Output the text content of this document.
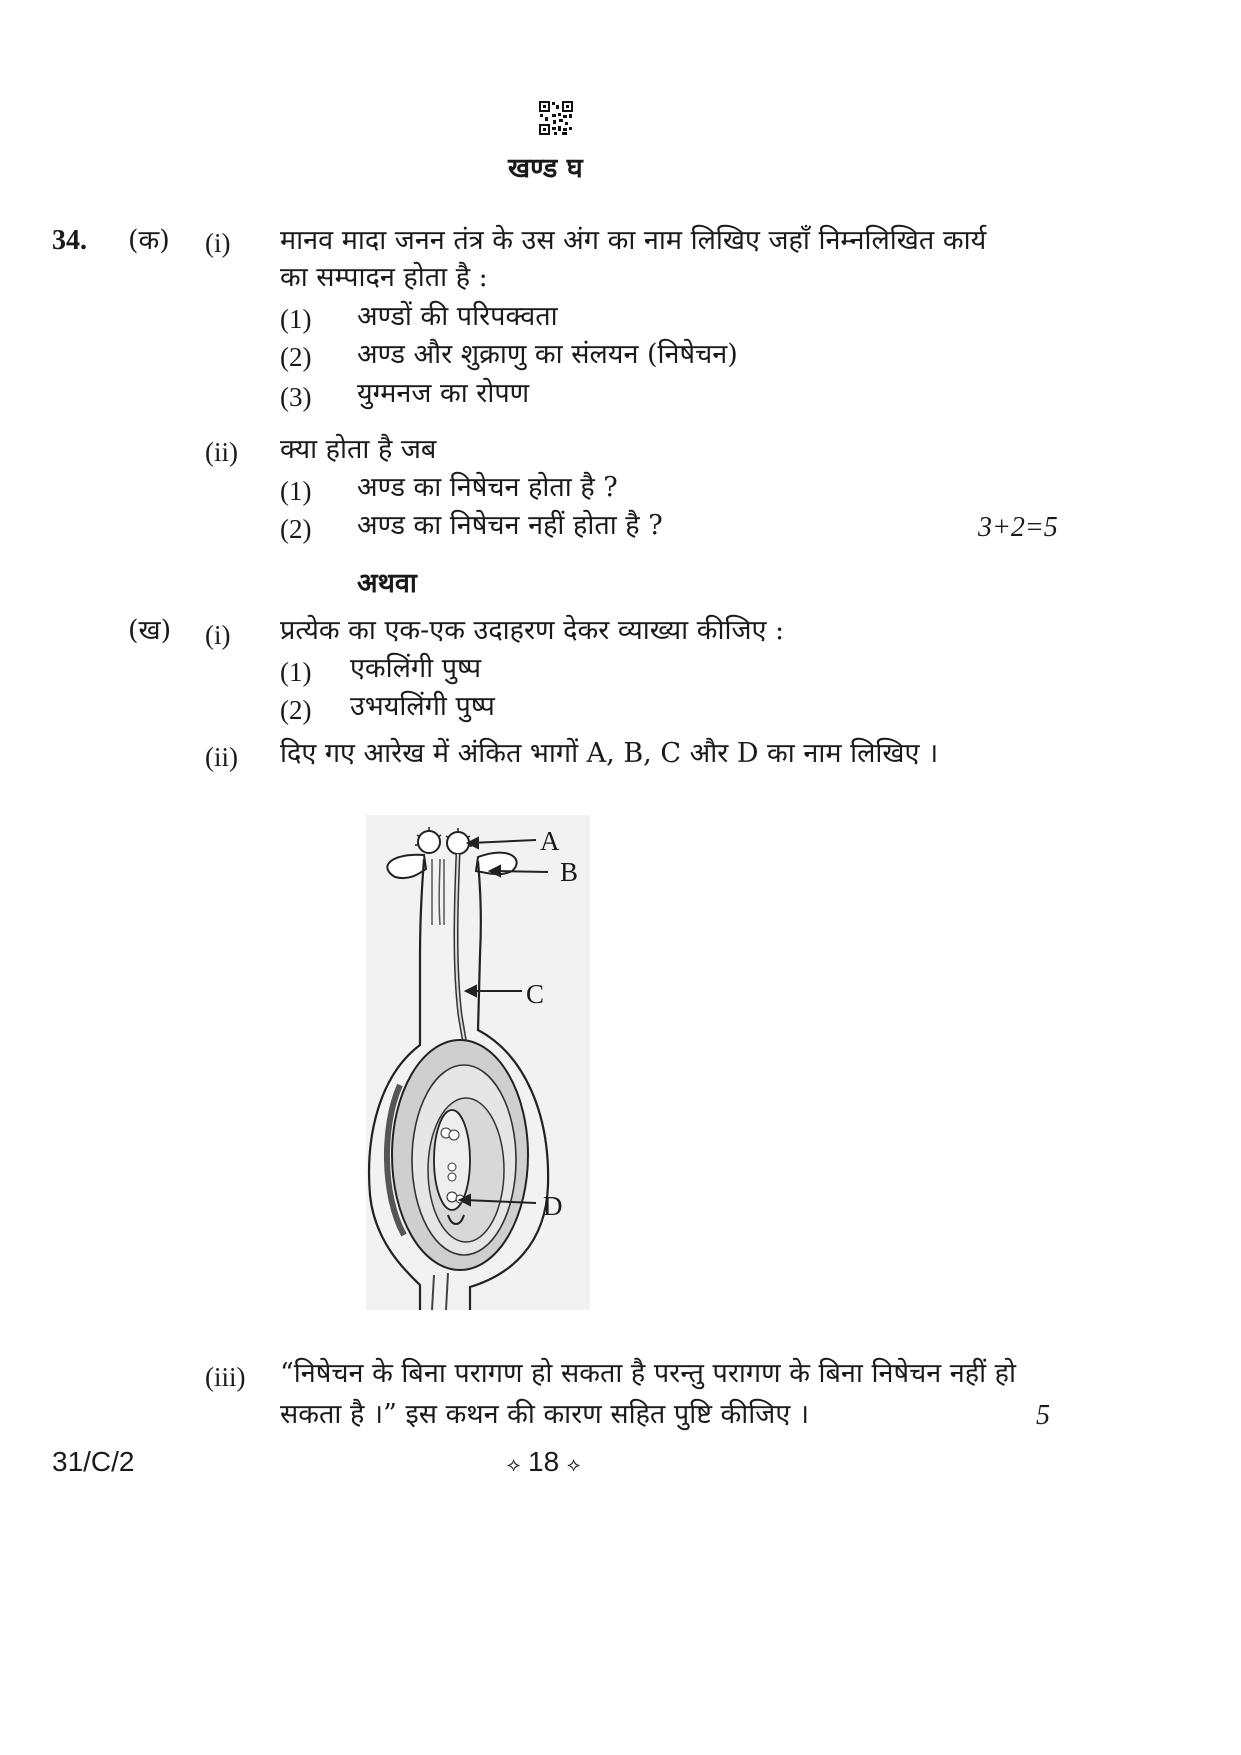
खण्ड घ
34. (क) (i) मानव मादा जनन तंत्र के उस अंग का नाम लिखिए जहाँ निम्नलिखित कार्य
का सम्पादन होता है :
(1) अण्डों की परिपक्वता
(2) अण्ड और शुक्राणु का संलयन (निषेचन)
(3) युग्मनज का रोपण
(ii) क्या होता है जब
(1) अण्ड का निषेचन होता है ?
(2) अण्ड का निषेचन नहीं होता है ?	3+2=5
अथवा
(ख) (i) प्रत्येक का एक-एक उदाहरण देकर व्याख्या कीजिए :
(1) एकलिंगी पुष्प
(2) उभयलिंगी पुष्प
(ii) दिए गए आरेख में अंकित भागों A, B, C और D का नाम लिखिए ।
A
B
C
D
(iii) “निषेचन के बिना परागण हो सकता है परन्तु परागण के बिना निषेचन नहीं हो
सकता है ।” इस कथन की कारण सहित पुष्टि कीजिए ।	5
31/C/2	⟡ 18 ⟡
